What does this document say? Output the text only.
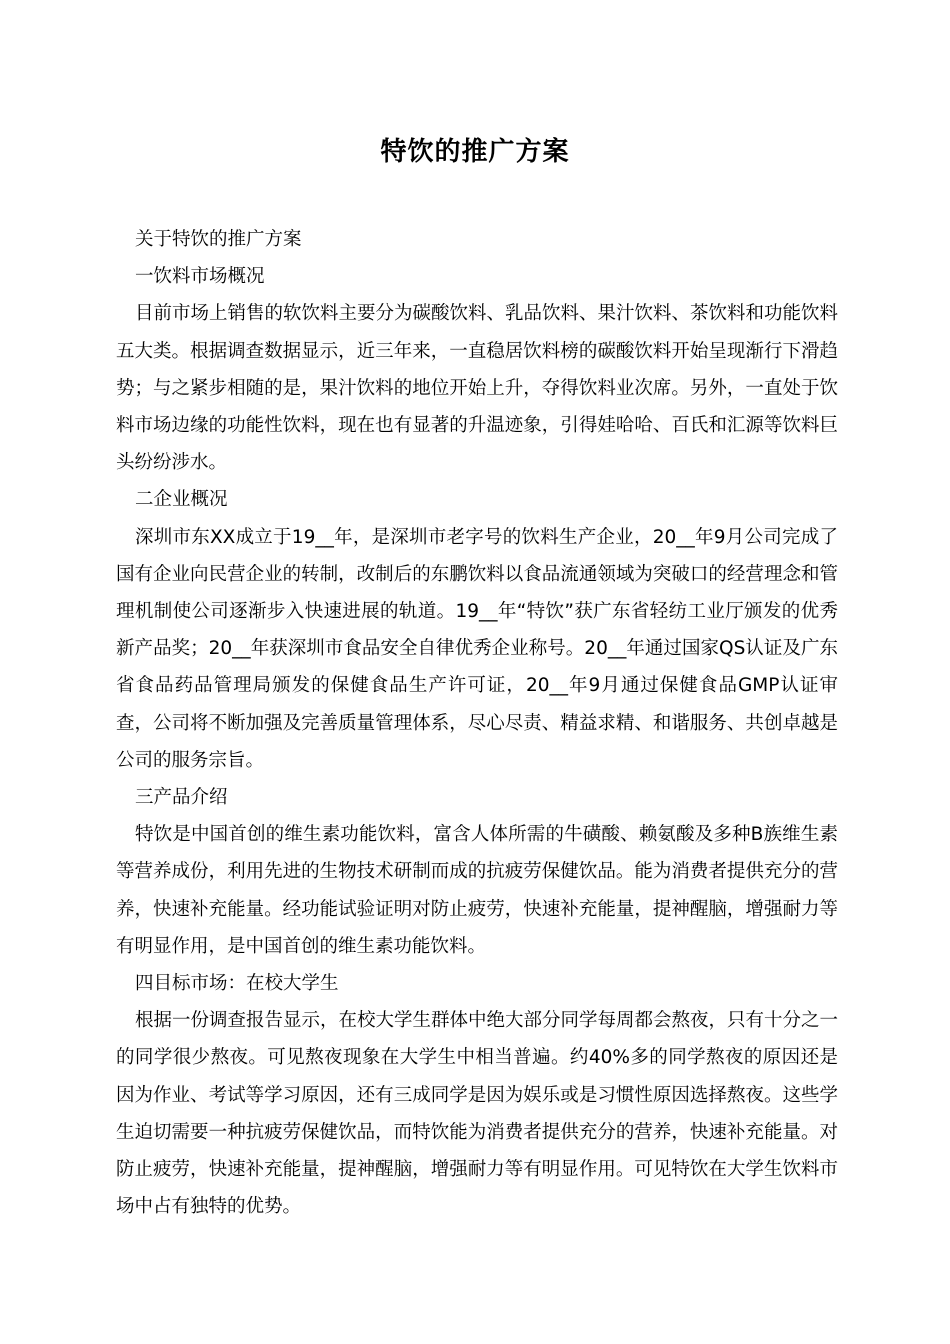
特饮的推广方案

关于特饮的推广方案

一饮料市场概况

目前市场上销售的软饮料主要分为碳酸饮料、乳品饮料、果汁饮料、茶饮料和功能饮料五大类。根据调查数据显示，近三年来，一直稳居饮料榜的碳酸饮料开始呈现渐行下滑趋势；与之紧步相随的是，果汁饮料的地位开始上升，夺得饮料业次席。另外，一直处于饮料市场边缘的功能性饮料，现在也有显著的升温迹象，引得娃哈哈、百氏和汇源等饮料巨头纷纷涉水。

二企业概况

深圳市东XX成立于19__年，是深圳市老字号的饮料生产企业，20__年9月公司完成了国有企业向民营企业的转制，改制后的东鹏饮料以食品流通领域为突破口的经营理念和管理机制使公司逐渐步入快速进展的轨道。19__年“特饮”获广东省轻纺工业厅颁发的优秀新产品奖；20__年获深圳市食品安全自律优秀企业称号。20__年通过国家QS认证及广东省食品药品管理局颁发的保健食品生产许可证，20__年9月通过保健食品GMP认证审查，公司将不断加强及完善质量管理体系，尽心尽责、精益求精、和谐服务、共创卓越是公司的服务宗旨。

三产品介绍

特饮是中国首创的维生素功能饮料，富含人体所需的牛磺酸、赖氨酸及多种B族维生素等营养成份，利用先进的生物技术研制而成的抗疲劳保健饮品。能为消费者提供充分的营养，快速补充能量。经功能试验证明对防止疲劳，快速补充能量，提神醒脑，增强耐力等有明显作用，是中国首创的维生素功能饮料。

四目标市场：在校大学生

根据一份调查报告显示，在校大学生群体中绝大部分同学每周都会熬夜，只有十分之一的同学很少熬夜。可见熬夜现象在大学生中相当普遍。约40%多的同学熬夜的原因还是因为作业、考试等学习原因，还有三成同学是因为娱乐或是习惯性原因选择熬夜。这些学生迫切需要一种抗疲劳保健饮品，而特饮能为消费者提供充分的营养，快速补充能量。对防止疲劳，快速补充能量，提神醒脑，增强耐力等有明显作用。可见特饮在大学生饮料市场中占有独特的优势。
